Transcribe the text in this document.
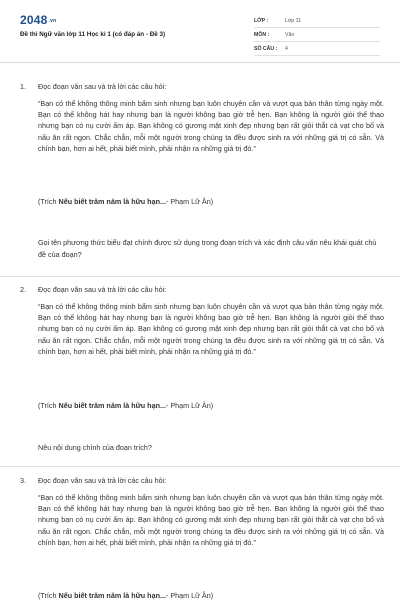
$2048^{.vn}$
Đề thi Ngữ văn lớp 11 Học kì 1 (có đáp án - Đề 3)
LỚP :	Lớp 11
MÔN :	Văn
SỐ CÂU : 4
1. Đọc đoạn văn sau và trả lời các câu hỏi:
“Bạn có thể không thông minh bẩm sinh nhưng bạn luôn chuyên cần và vượt qua bản thân từng ngày một. Bạn có thể không hát hay nhưng bạn là người không bao giờ trễ hẹn. Bạn không là người giỏi thể thao nhưng bạn có nụ cười ấm áp. Bạn không có gương mặt xinh đẹp nhưng bạn rất giỏi thắt cà vạt cho bố và nấu ăn rất ngon. Chắc chắn, mỗi một người trong chúng ta đều được sinh ra với những giá trị có sẵn. Và chính bạn, hơn ai hết, phải biết mình, phải nhận ra những giá trị đó.”
(Trích Nếu biết trăm năm là hữu hạn...- Phạm Lữ Ân)
Gọi tên phương thức biểu đạt chính được sử dụng trong đoạn trích và xác định câu văn nêu khái quát chủ đề của đoạn?
2. Đọc đoạn văn sau và trả lời các câu hỏi:
“Bạn có thể không thông minh bẩm sinh nhưng bạn luôn chuyên cần và vượt qua bản thân từng ngày một. Bạn có thể không hát hay nhưng bạn là người không bao giờ trễ hẹn. Bạn không là người giỏi thể thao nhưng bạn có nụ cười ấm áp. Bạn không có gương mặt xinh đẹp nhưng bạn rất giỏi thắt cà vạt cho bố và nấu ăn rất ngon. Chắc chắn, mỗi một người trong chúng ta đều được sinh ra với những giá trị có sẵn. Và chính bạn, hơn ai hết, phải biết mình, phải nhận ra những giá trị đó.”
(Trích Nếu biết trăm năm là hữu hạn...- Phạm Lữ Ân)
Nêu nội dung chính của đoạn trích?
3. Đọc đoạn văn sau và trả lời các câu hỏi:
“Bạn có thể không thông minh bẩm sinh nhưng bạn luôn chuyên cần và vượt qua bản thân từng ngày một. Bạn có thể không hát hay nhưng bạn là người không bao giờ trễ hẹn. Bạn không là người giỏi thể thao nhưng bạn có nụ cười ấm áp. Bạn không có gương mặt xinh đẹp nhưng bạn rất giỏi thắt cà vạt cho bố và nấu ăn rất ngon. Chắc chắn, mỗi một người trong chúng ta đều được sinh ra với những giá trị có sẵn. Và chính bạn, hơn ai hết, phải biết mình, phải nhận ra những giá trị đó.”
(Trích Nếu biết trăm năm là hữu hạn...- Phạm Lữ Ân)
